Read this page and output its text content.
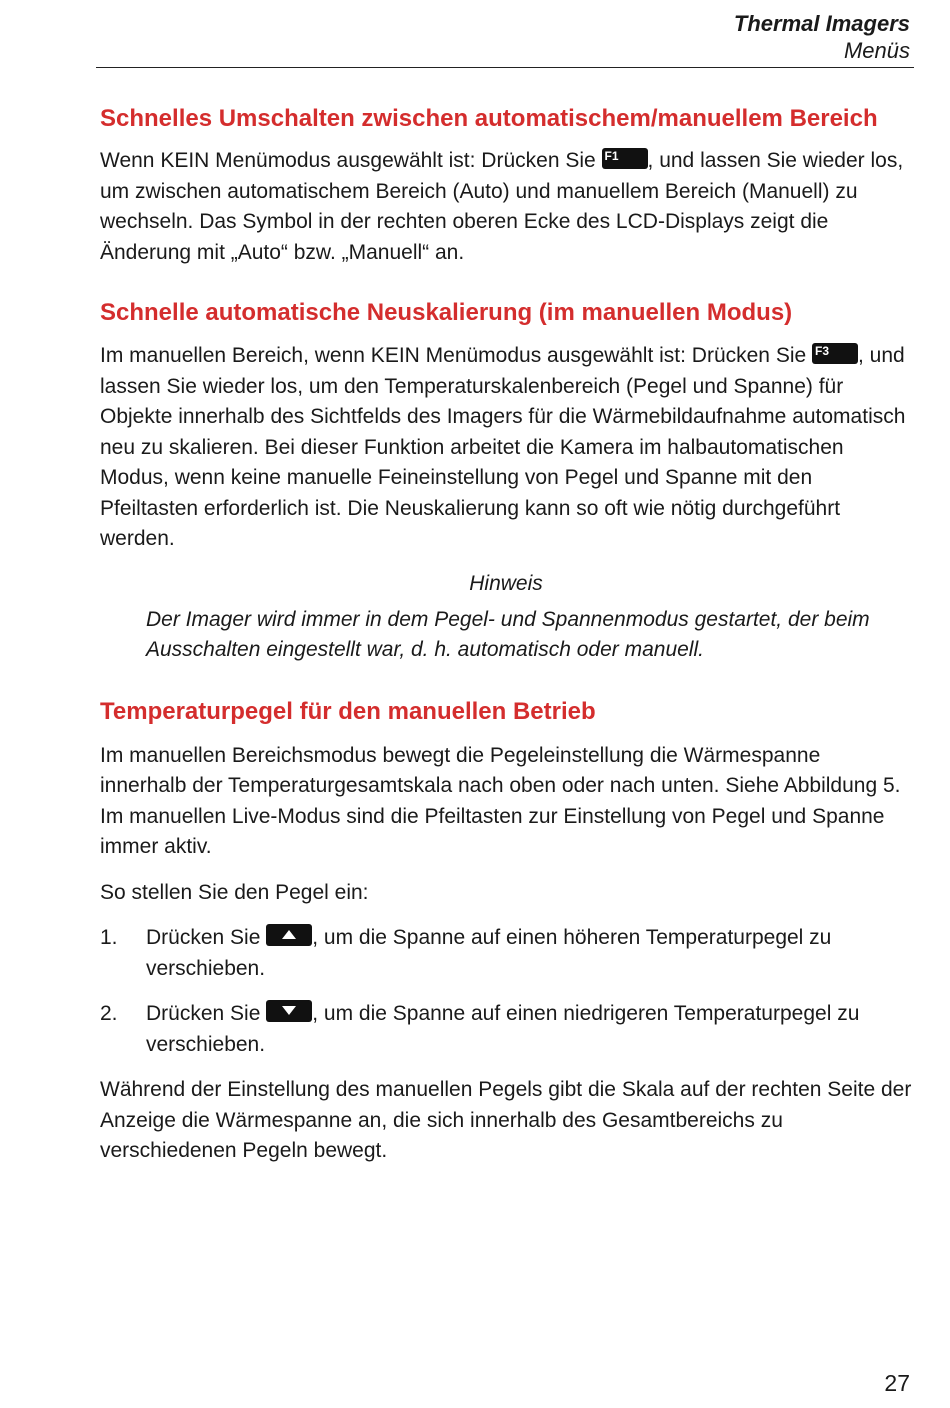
Thermal Imagers
Menüs
Schnelles Umschalten zwischen automatischem/manuellem Bereich

Wenn KEIN Menümodus ausgewählt ist: Drücken Sie F1 , und lassen Sie wieder los, um zwischen automatischem Bereich (Auto) und manuellem Bereich (Manuell) zu wechseln. Das Symbol in der rechten oberen Ecke des LCD-Displays zeigt die Änderung mit „Auto“ bzw. „Manuell“ an.

Schnelle automatische Neuskalierung (im manuellen Modus)

Im manuellen Bereich, wenn KEIN Menümodus ausgewählt ist: Drücken Sie F3 , und lassen Sie wieder los, um den Temperaturskalenbereich (Pegel und Spanne) für Objekte innerhalb des Sichtfelds des Imagers für die Wärmebildaufnahme automatisch neu zu skalieren. Bei dieser Funktion arbeitet die Kamera im halbautomatischen Modus, wenn keine manuelle Feineinstellung von Pegel und Spanne mit den Pfeiltasten erforderlich ist. Die Neuskalierung kann so oft wie nötig durchgeführt werden.

Hinweis
Der Imager wird immer in dem Pegel- und Spannenmodus gestartet, der beim Ausschalten eingestellt war, d. h. automatisch oder manuell.
Temperaturpegel für den manuellen Betrieb

Im manuellen Bereichsmodus bewegt die Pegeleinstellung die Wärmespanne innerhalb der Temperaturgesamtskala nach oben oder nach unten. Siehe Abbildung 5. Im manuellen Live-Modus sind die Pfeiltasten zur Einstellung von Pegel und Spanne immer aktiv.

So stellen Sie den Pegel ein:

1. Drücken Sie
, um die Spanne auf einen höheren Temperaturpegel zu verschieben.
2. Drücken Sie
, um die Spanne auf einen niedrigeren Temperaturpegel zu verschieben.

Während der Einstellung des manuellen Pegels gibt die Skala auf der rechten Seite der Anzeige die Wärmespanne an, die sich innerhalb des Gesamtbereichs zu verschiedenen Pegeln bewegt.

27
